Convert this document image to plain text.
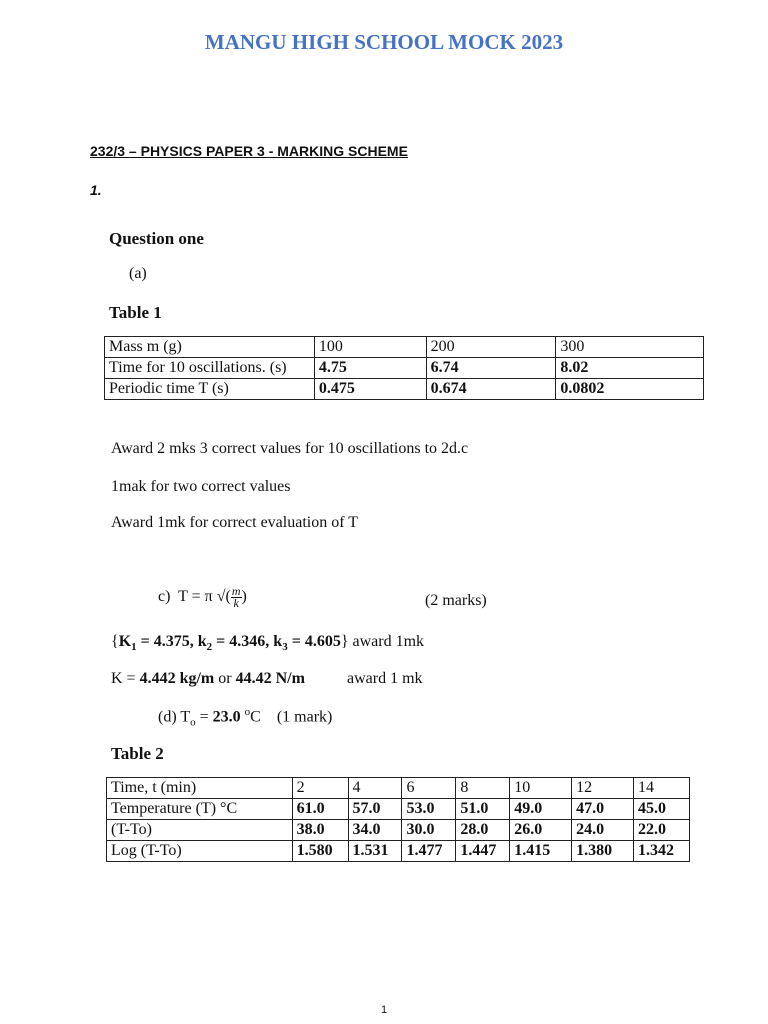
MANGU HIGH SCHOOL MOCK 2023
232/3 – PHYSICS PAPER 3 - MARKING SCHEME
1.
Question one
(a)
Table 1
Mass m (g)	100	200	300
Time for 10 oscillations. (s)	4.75	6.74	8.02
Periodic time T (s)	0.475	0.674	0.0802
Award 2 mks 3 correct values for 10 oscillations to 2d.c
1mak for two correct values
Award 1mk for correct evaluation of T
c) T = π √( $\frac{m}{k}$ )	(2 marks)
{$K_1 = 4.375$, $k_2 = 4.346$, $k_3 = 4.605$} award 1mk
K = 4.442 kg/m or 44.42 N/m	award 1 mk
(d) $T_o = 23.0$ $^o$C (1 mark)
Table 2
Time, t (min)	2	4	6	8	10	12	14
Temperature (T) °C	61.0	57.0	53.0	51.0	49.0	47.0	45.0
(T-To)	38.0	34.0	30.0	28.0	26.0	24.0	22.0
Log (T-To)	1.580	1.531	1.477	1.447	1.415	1.380	1.342
1
